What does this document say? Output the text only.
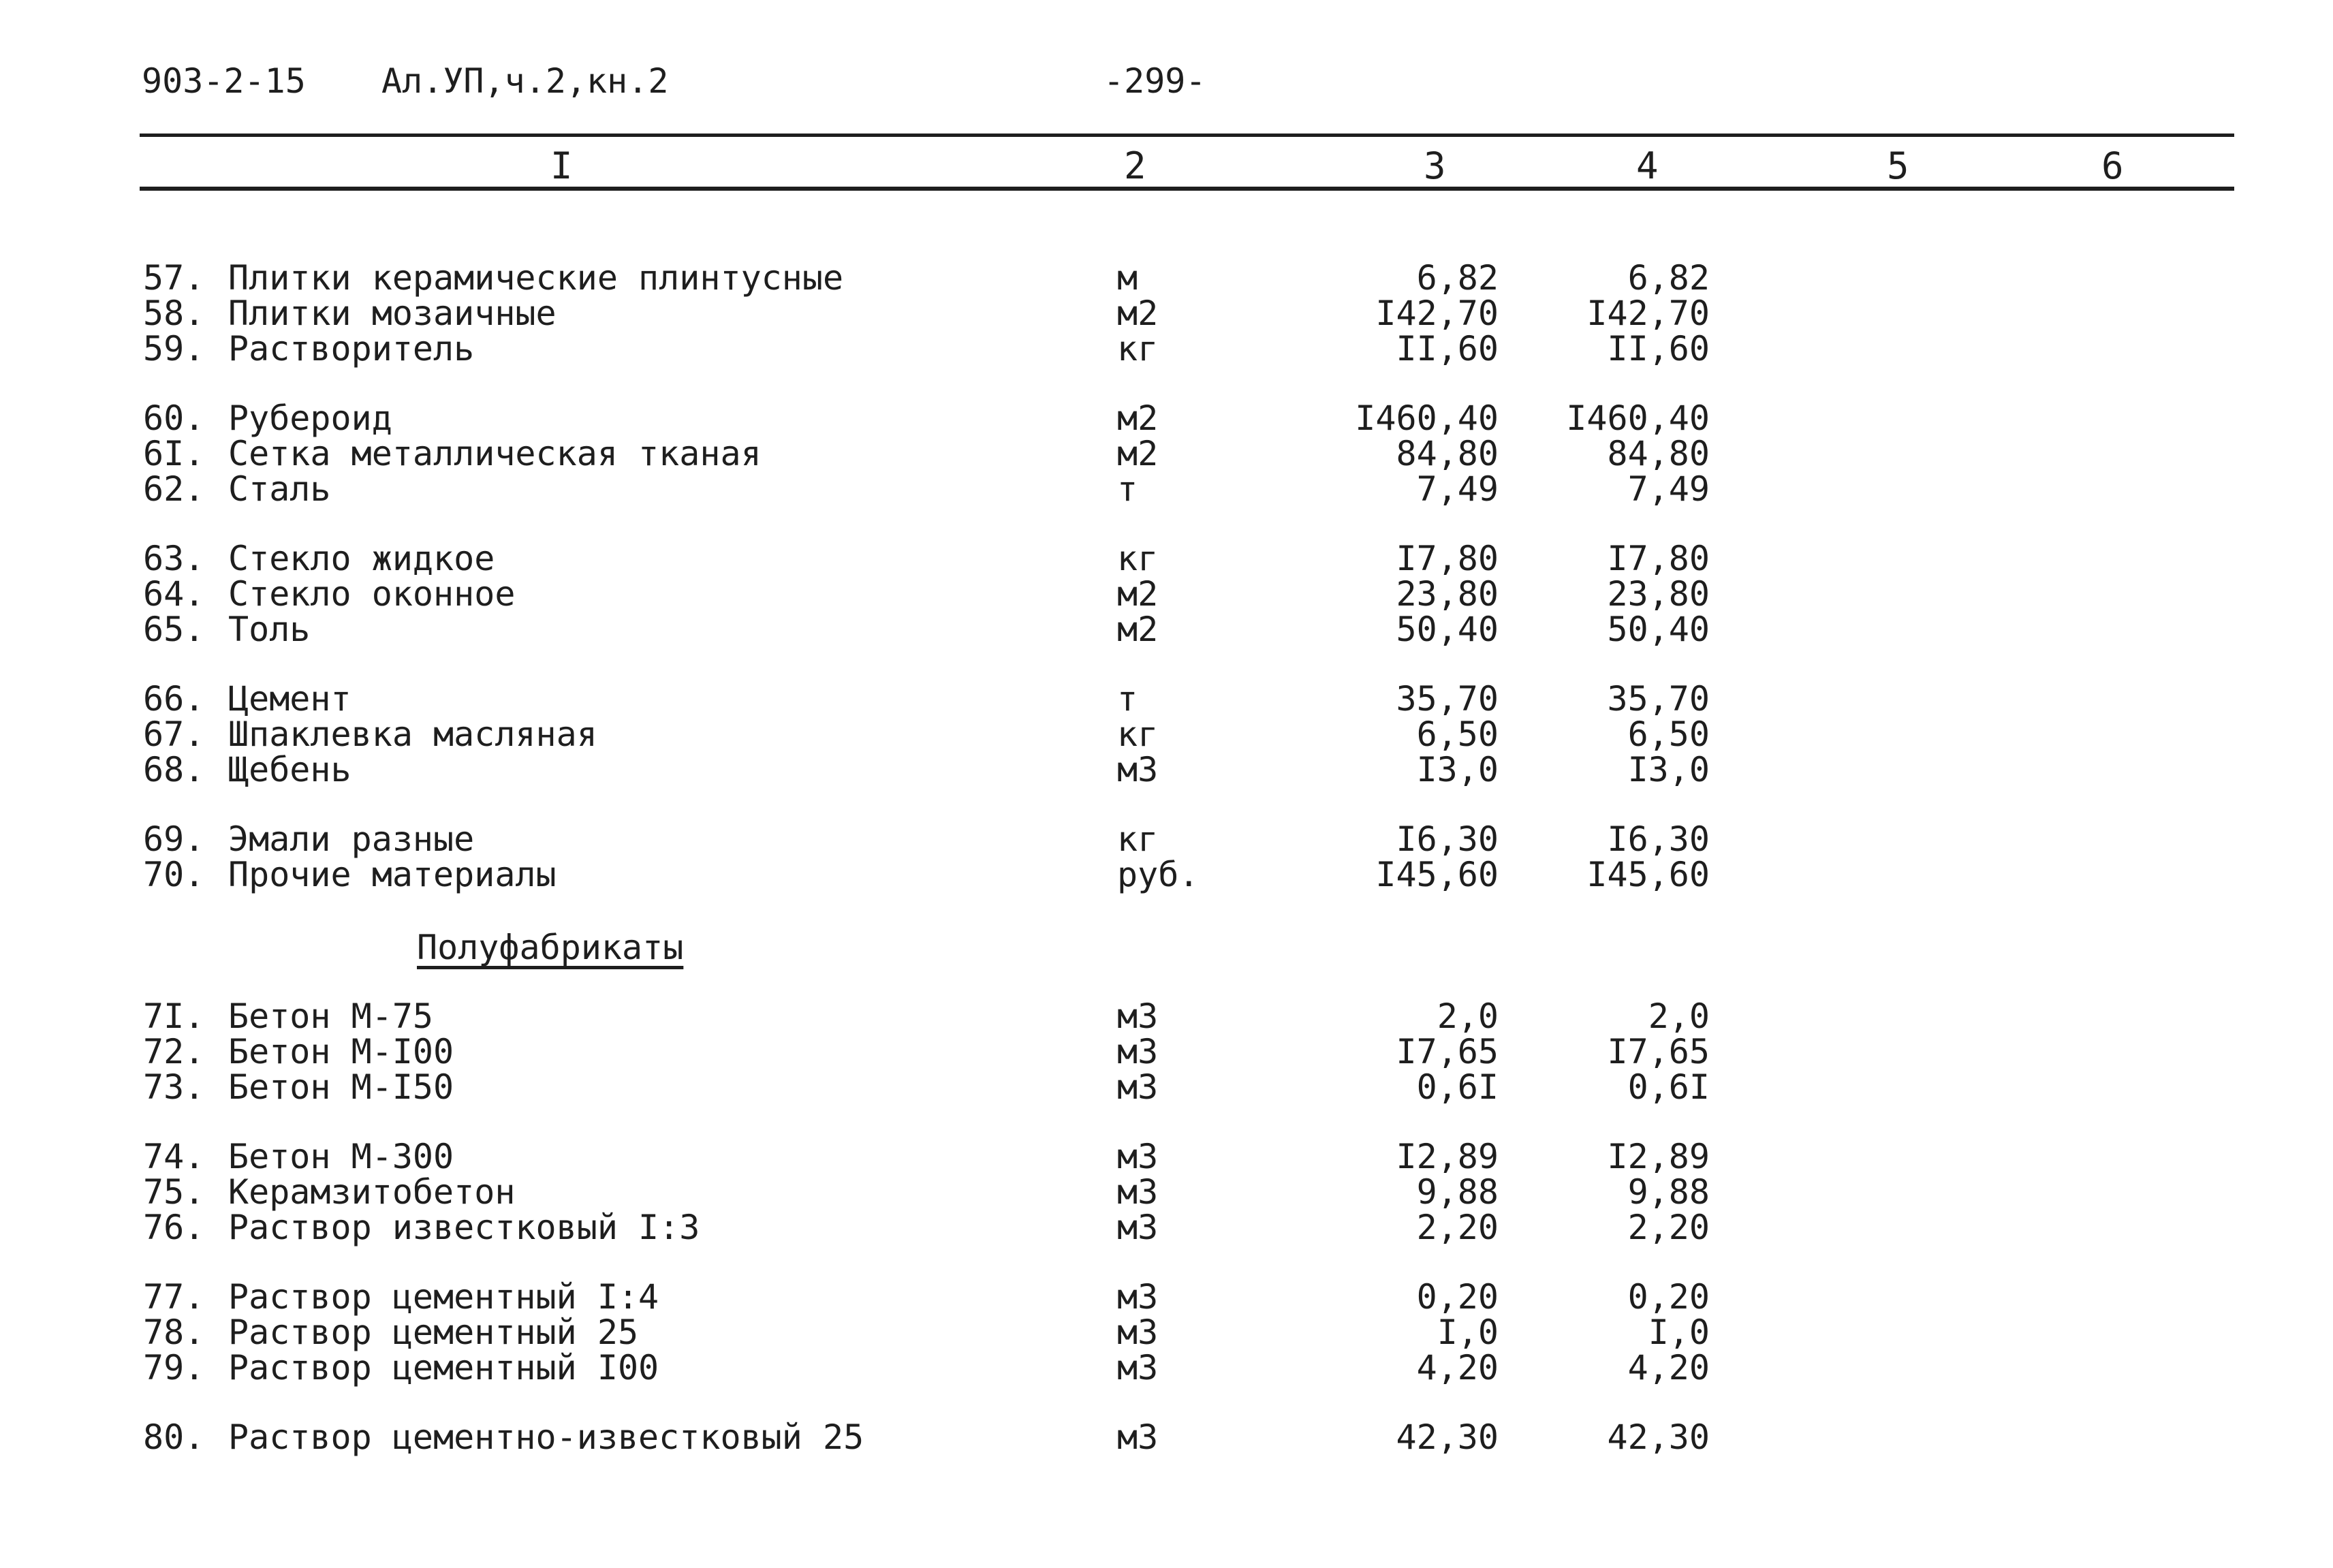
903-2-15 Ал.УП,ч.2,кн.2	-299-
I	2	3	4	5	6
57. Плитки керамические плинтусные	м	6,82	6,82
58. Плитки мозаичные	м2	I42,70	I42,70
59. Растворитель	кг	II,60	II,60
60. Рубероид	м2	I460,40	I460,40
6I. Сетка металлическая тканая	м2	84,80	84,80
62. Сталь	т	7,49	7,49
63. Стекло жидкое	кг	I7,80	I7,80
64. Стекло оконное	м2	23,80	23,80
65. Толь	м2	50,40	50,40
66. Цемент	т	35,70	35,70
67. Шпаклевка масляная	кг	6,50	6,50
68. Щебень	м3	I3,0	I3,0
69. Эмали разные	кг	I6,30	I6,30
70. Прочие материалы	руб.	I45,60	I45,60
7I. Бетон М-75	м3	2,0	2,0
72. Бетон М-I00	м3	I7,65	I7,65
73. Бетон М-I50	м3	0,6I	0,6I
74. Бетон М-300	м3	I2,89	I2,89
75. Керамзитобетон	м3	9,88	9,88
76. Раствор известковый I:3	м3	2,20	2,20
77. Раствор цементный I:4	м3	0,20	0,20
78. Раствор цементный 25	м3	I,0	I,0
79. Раствор цементный I00	м3	4,20	4,20
80. Раствор цементно-известковый 25	м3	42,30	42,30
Полуфабрикаты
